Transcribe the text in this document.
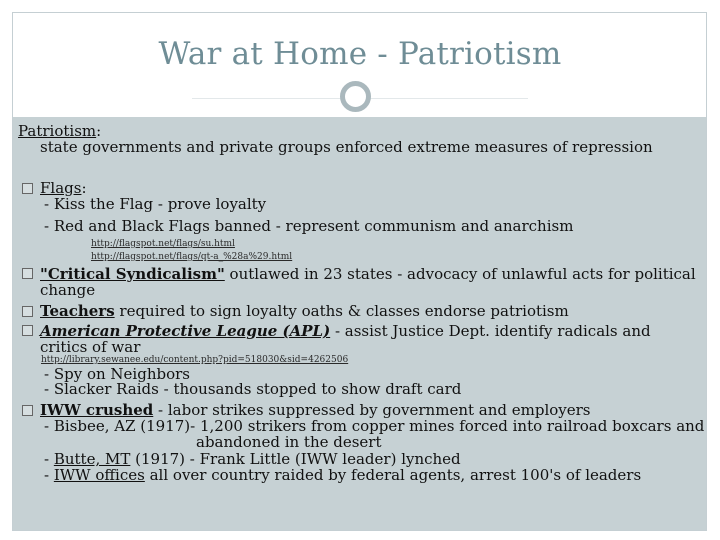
War at Home - Patriotism
Patriotism:
state governments and private groups enforced extreme measures of repression
Flags:
- Kiss the Flag - prove loyalty
- Red and Black Flags banned - represent communism and anarchism
http://flagspot.net/flags/su.html
http://flagspot.net/flags/qt-a_%28a%29.html
"Critical Syndicalism" outlawed in 23 states - advocacy of unlawful acts for political
change
Teachers required to sign loyalty oaths & classes endorse patriotism
American Protective League (APL) - assist Justice Dept. identify radicals and
critics of war
http://library.sewanee.edu/content.php?pid=518030&sid=4262506
- Spy on Neighbors
- Slacker Raids - thousands stopped to show draft card
IWW crushed - labor strikes suppressed by government and employers
- Bisbee, AZ (1917)- 1,200 strikers from copper mines forced into railroad boxcars and
abandoned in the desert
- Butte, MT (1917) - Frank Little (IWW leader) lynched
- IWW offices all over country raided by federal agents, arrest 100's of leaders
